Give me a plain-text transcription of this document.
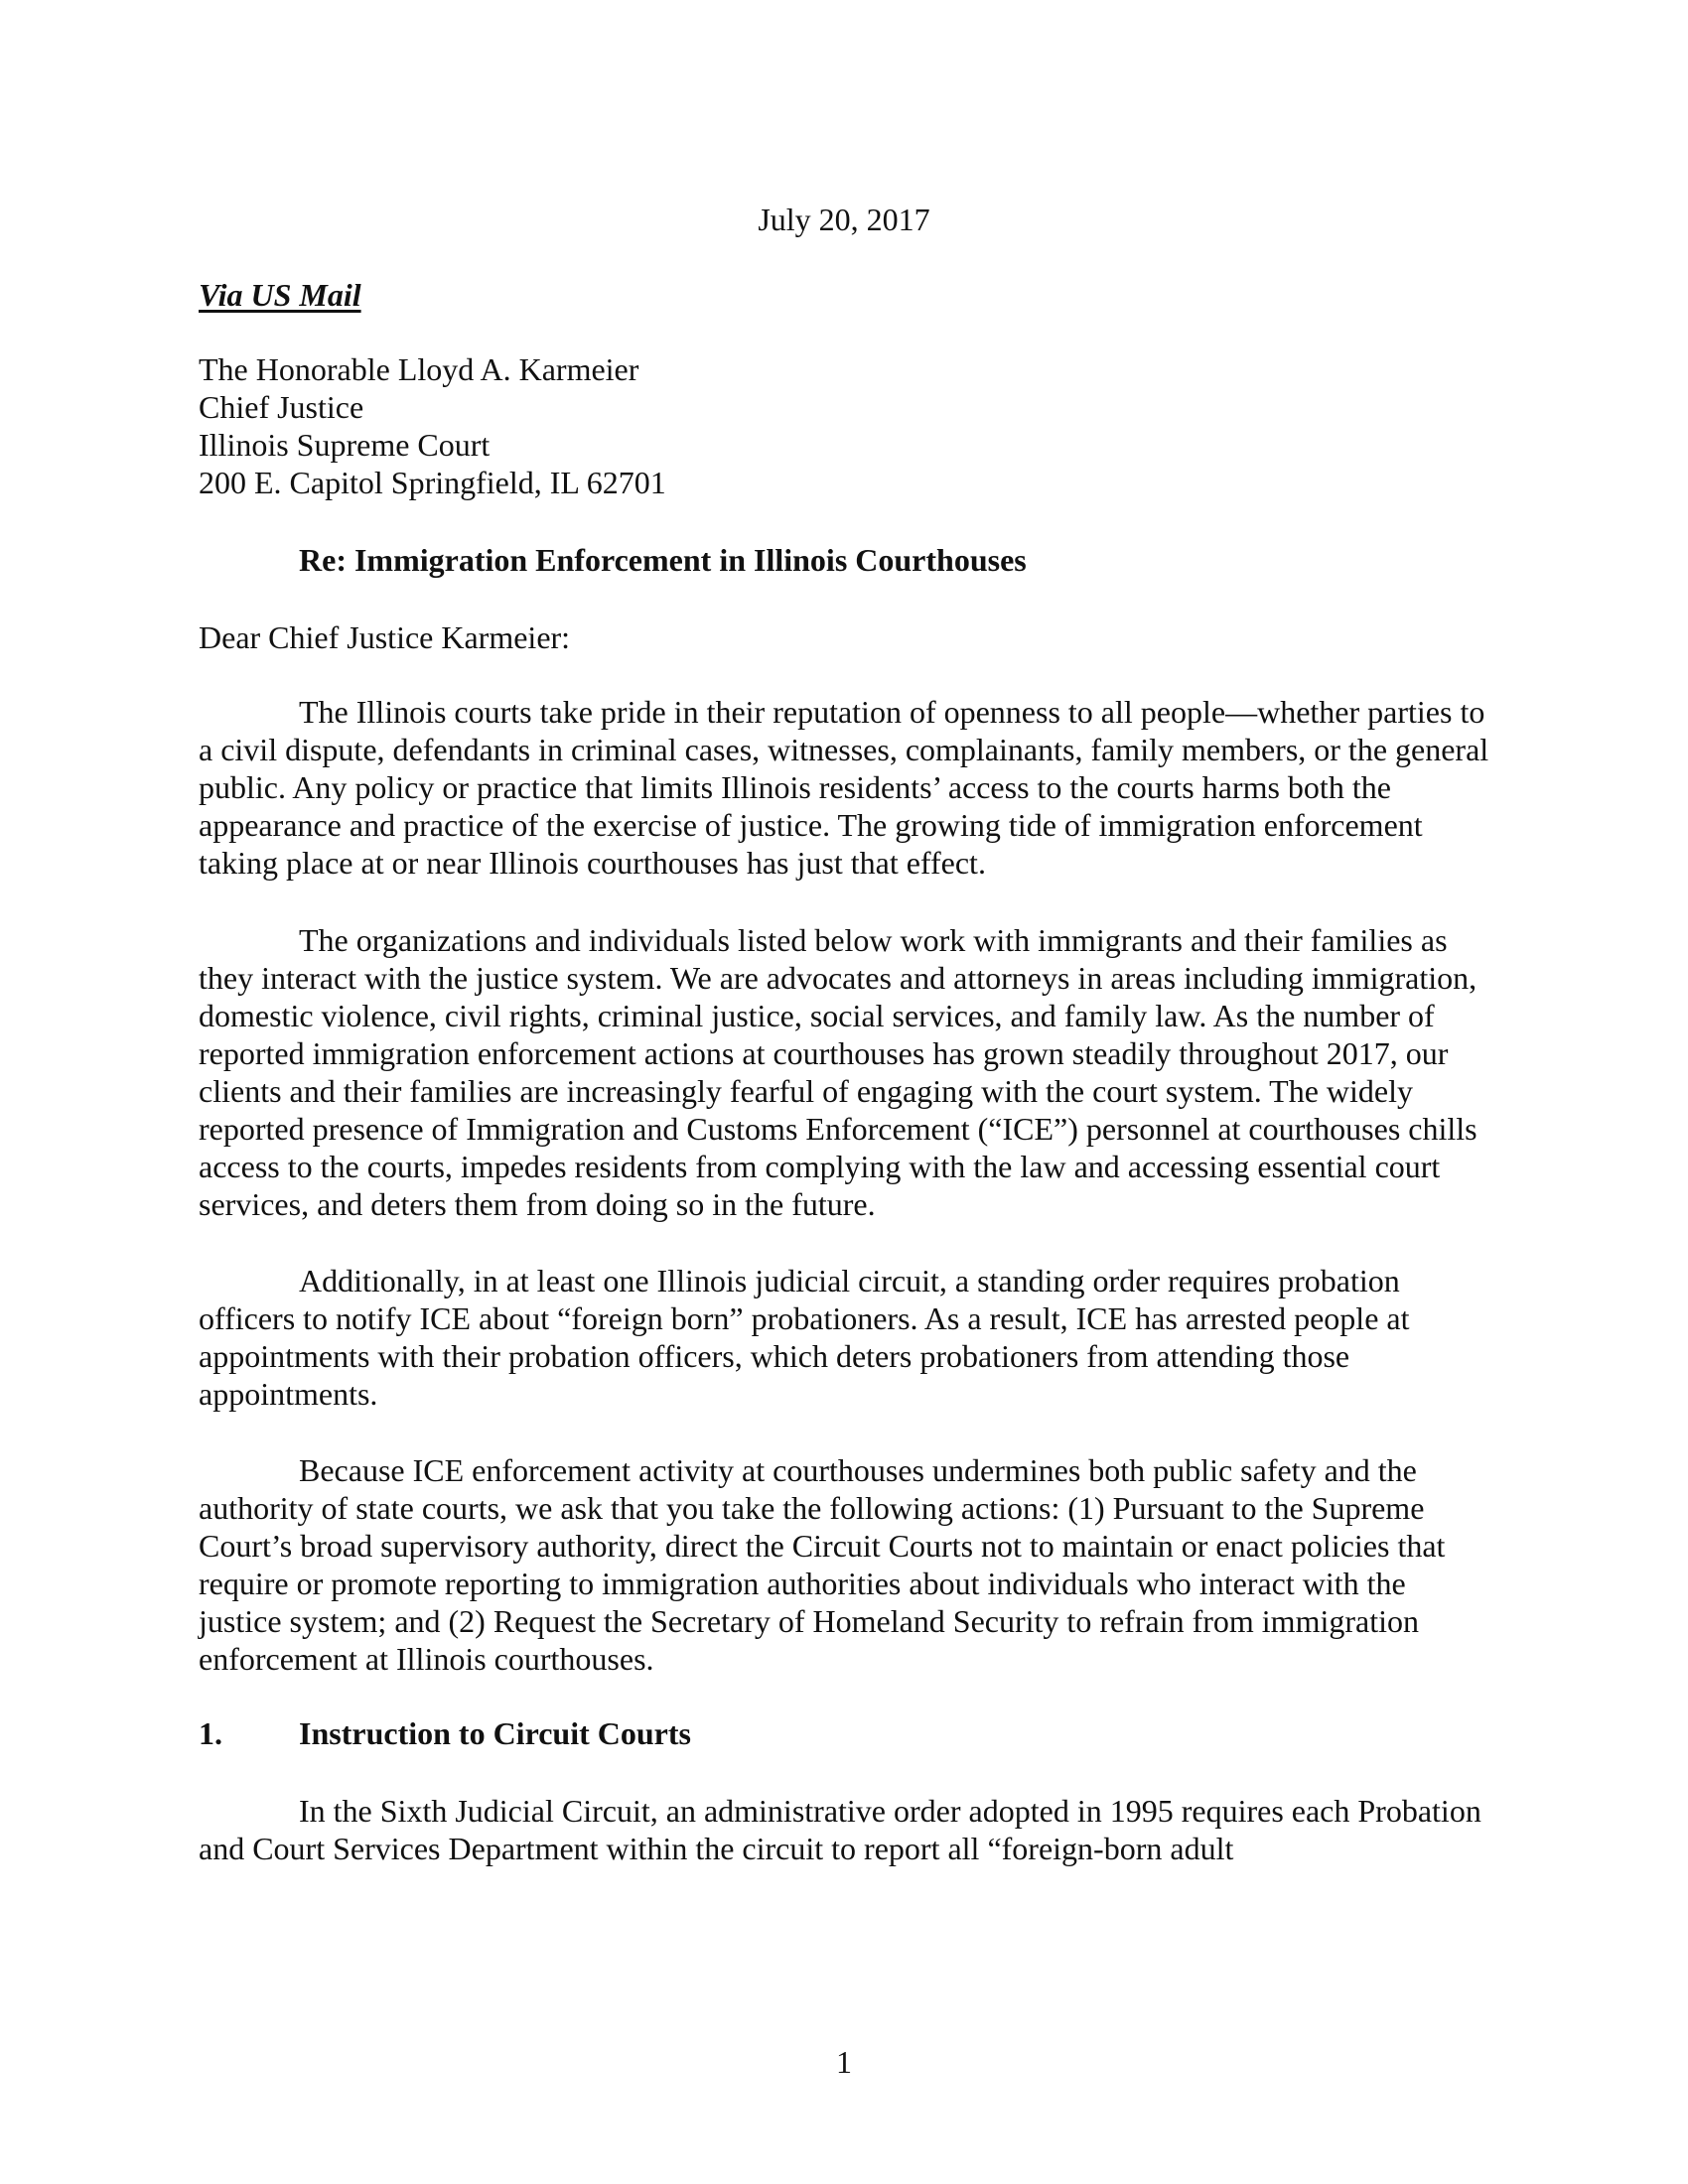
July 20, 2017
Via US Mail
The Honorable Lloyd A. Karmeier
Chief Justice
Illinois Supreme Court
200 E. Capitol Springfield, IL 62701
Re: Immigration Enforcement in Illinois Courthouses
Dear Chief Justice Karmeier:

The Illinois courts take pride in their reputation of openness to all people—whether parties to a civil dispute, defendants in criminal cases, witnesses, complainants, family members, or the general public. Any policy or practice that limits Illinois residents’ access to the courts harms both the appearance and practice of the exercise of justice. The growing tide of immigration enforcement taking place at or near Illinois courthouses has just that effect.

The organizations and individuals listed below work with immigrants and their families as they interact with the justice system. We are advocates and attorneys in areas including immigration, domestic violence, civil rights, criminal justice, social services, and family law. As the number of reported immigration enforcement actions at courthouses has grown steadily throughout 2017, our clients and their families are increasingly fearful of engaging with the court system. The widely reported presence of Immigration and Customs Enforcement (“ICE”) personnel at courthouses chills access to the courts, impedes residents from complying with the law and accessing essential court services, and deters them from doing so in the future.

Additionally, in at least one Illinois judicial circuit, a standing order requires probation officers to notify ICE about “foreign born” probationers. As a result, ICE has arrested people at appointments with their probation officers, which deters probationers from attending those appointments.

Because ICE enforcement activity at courthouses undermines both public safety and the authority of state courts, we ask that you take the following actions: (1) Pursuant to the Supreme Court’s broad supervisory authority, direct the Circuit Courts not to maintain or enact policies that require or promote reporting to immigration authorities about individuals who interact with the justice system; and (2) Request the Secretary of Homeland Security to refrain from immigration enforcement at Illinois courthouses.

1. Instruction to Circuit Courts

In the Sixth Judicial Circuit, an administrative order adopted in 1995 requires each Probation and Court Services Department within the circuit to report all “foreign-born adult

1
